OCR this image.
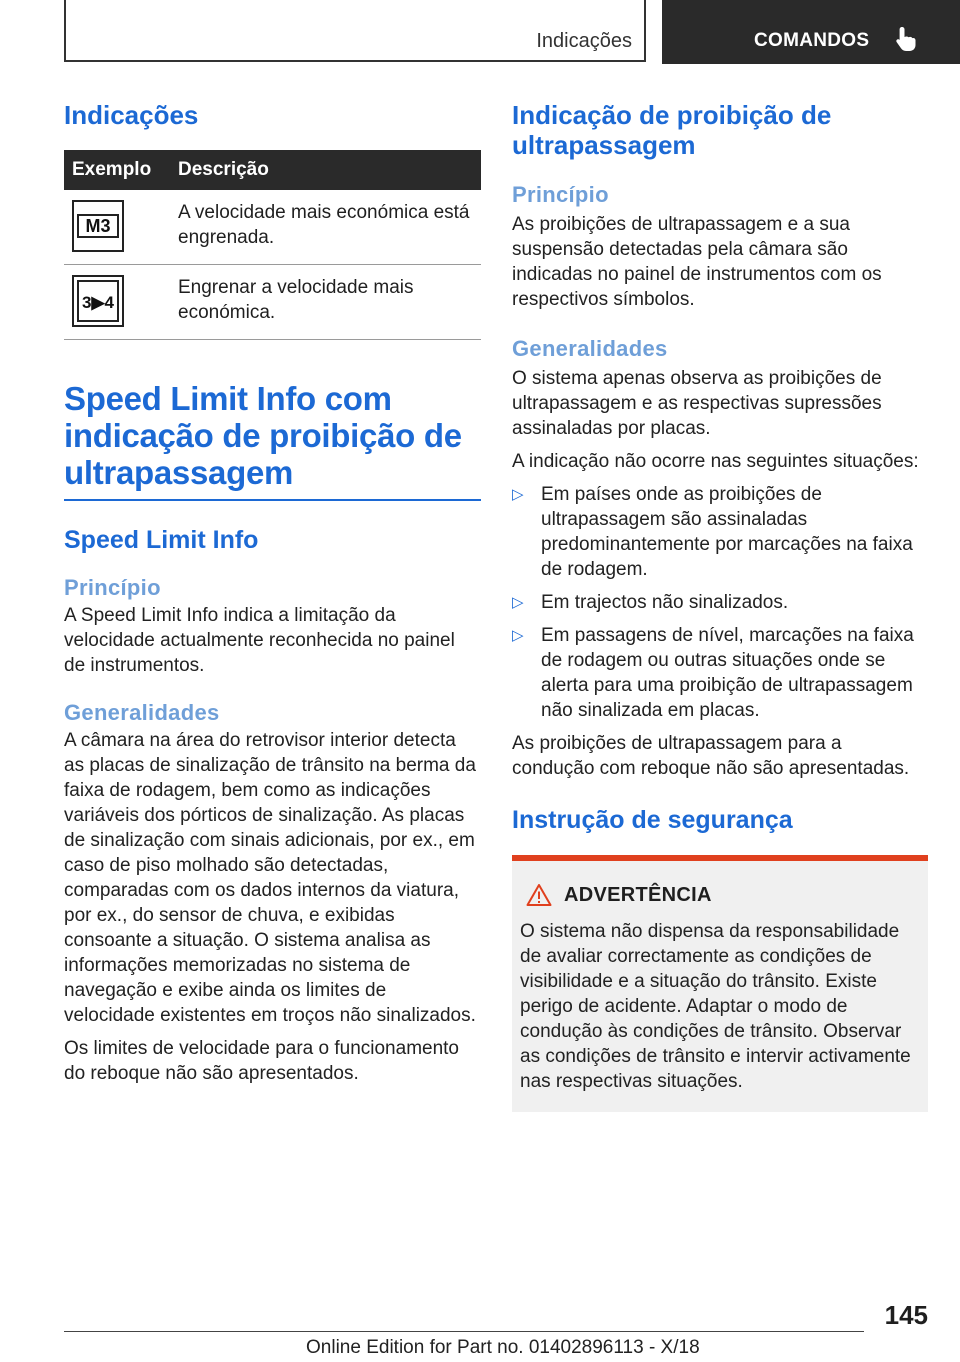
Indicações	COMANDOS
Indicações
Exemplo	Descrição

M3	A velocidade mais económica está engrenada.

3▶4	Engrenar a velocidade mais económica.
Speed Limit Info com indicação de proibição de ultrapassagem
Speed Limit Info
Princípio

A Speed Limit Info indica a limitação da velocidade actualmente reconhecida no painel de instrumentos.

Generalidades

A câmara na área do retrovisor interior detecta as placas de sinalização de trânsito na berma da faixa de rodagem, bem como as indicações variáveis dos pórticos de sinalização. As placas de sinalização com sinais adicionais, por ex., em caso de piso molhado são detectadas, comparadas com os dados internos da viatura, por ex., do sensor de chuva, e exibidas consoante a situação. O sistema analisa as informações memorizadas no sistema de navegação e exibe ainda os limites de velocidade existentes em troços não sinalizados.

Os limites de velocidade para o funcionamento do reboque não são apresentados.

Indicação de proibição de ultrapassagem
Princípio

As proibições de ultrapassagem e a sua suspensão detectadas pela câmara são indicadas no painel de instrumentos com os respectivos símbolos.

Generalidades

O sistema apenas observa as proibições de ultrapassagem e as respectivas supressões assinaladas por placas.

A indicação não ocorre nas seguintes situações:

▷ Em países onde as proibições de ultrapassagem são assinaladas predominantemente por marcações na faixa de rodagem.
▷ Em trajectos não sinalizados.
▷ Em passagens de nível, marcações na faixa de rodagem ou outras situações onde se alerta para uma proibição de ultrapassagem não sinalizada em placas.

As proibições de ultrapassagem para a condução com reboque não são apresentadas.

Instrução de segurança
ADVERTÊNCIA

O sistema não dispensa da responsabilidade de avaliar correctamente as condições de visibilidade e a situação do trânsito. Existe perigo de acidente. Adaptar o modo de condução às condições de trânsito. Observar as condições de trânsito e intervir activamente nas respectivas situações.

145
Online Edition for Part no. 01402896113 - X/18
